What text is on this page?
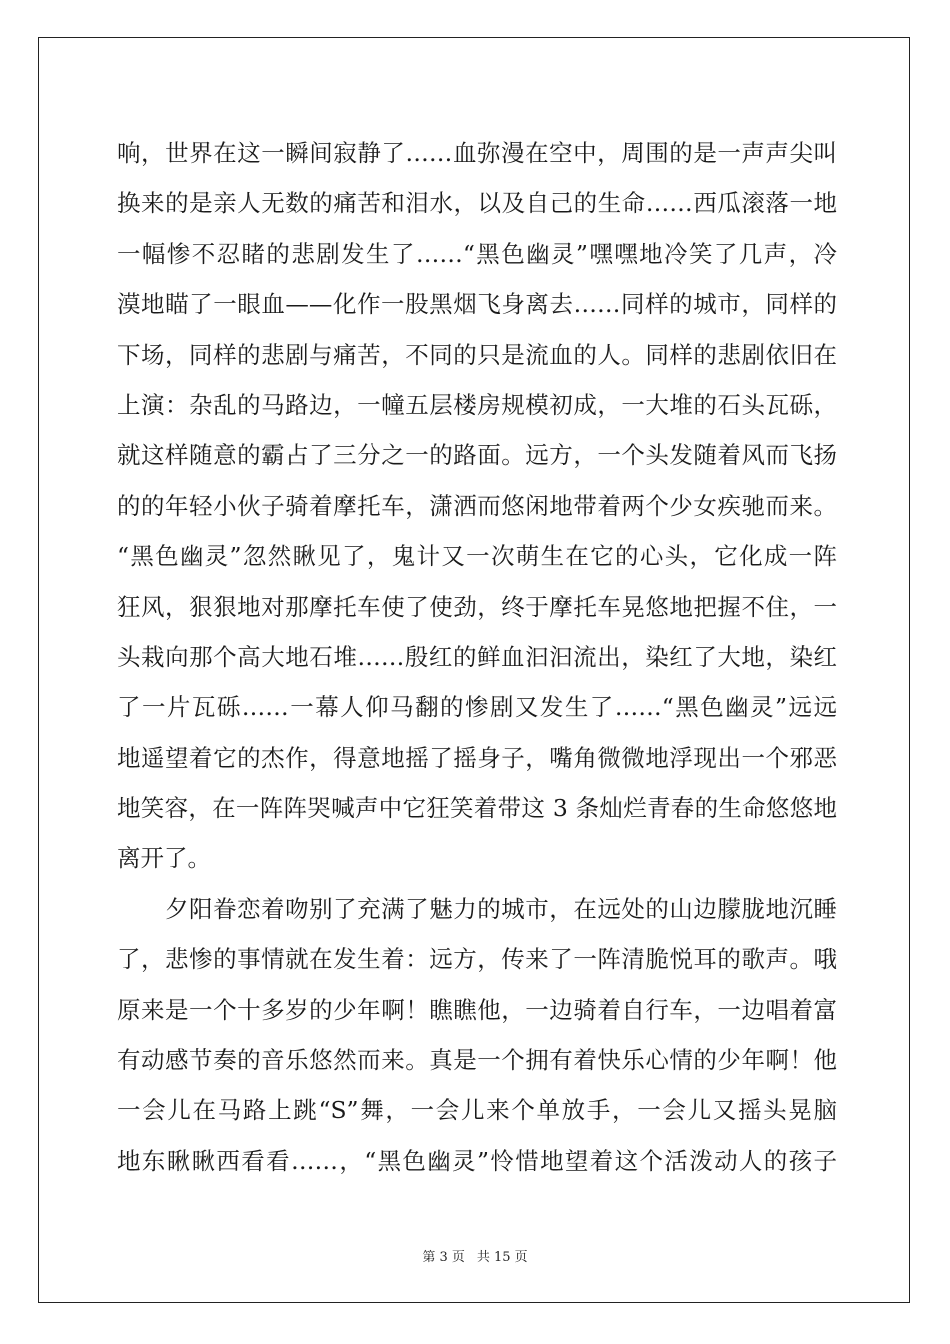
响，世界在这一瞬间寂静了……血弥漫在空中，周围的是一声声尖叫
换来的是亲人无数的痛苦和泪水，以及自己的生命……西瓜滚落一地
一幅惨不忍睹的悲剧发生了……“黑色幽灵”嘿嘿地冷笑了几声，冷
漠地瞄了一眼血——化作一股黑烟飞身离去……同样的城市，同样的
下场，同样的悲剧与痛苦，不同的只是流血的人。同样的悲剧依旧在
上演：杂乱的马路边，一幢五层楼房规模初成，一大堆的石头瓦砾，
就这样随意的霸占了三分之一的路面。远方，一个头发随着风而飞扬
的的年轻小伙子骑着摩托车，潇洒而悠闲地带着两个少女疾驰而来。
“黑色幽灵”忽然瞅见了，鬼计又一次萌生在它的心头，它化成一阵
狂风，狠狠地对那摩托车使了使劲，终于摩托车晃悠地把握不住，一
头栽向那个高大地石堆……殷红的鲜血汩汩流出，染红了大地，染红
了一片瓦砾……一幕人仰马翻的惨剧又发生了……“黑色幽灵”远远
地遥望着它的杰作，得意地摇了摇身子，嘴角微微地浮现出一个邪恶
地笑容，在一阵阵哭喊声中它狂笑着带这 3 条灿烂青春的生命悠悠地
离开了。
夕阳眷恋着吻别了充满了魅力的城市，在远处的山边朦胧地沉睡
了，悲惨的事情就在发生着：远方，传来了一阵清脆悦耳的歌声。哦
原来是一个十多岁的少年啊！瞧瞧他，一边骑着自行车，一边唱着富
有动感节奏的音乐悠然而来。真是一个拥有着快乐心情的少年啊！他
一会儿在马路上跳“S”舞，一会儿来个单放手，一会儿又摇头晃脑
地东瞅瞅西看看……，“黑色幽灵”怜惜地望着这个活泼动人的孩子
第 3 页 共 15 页
